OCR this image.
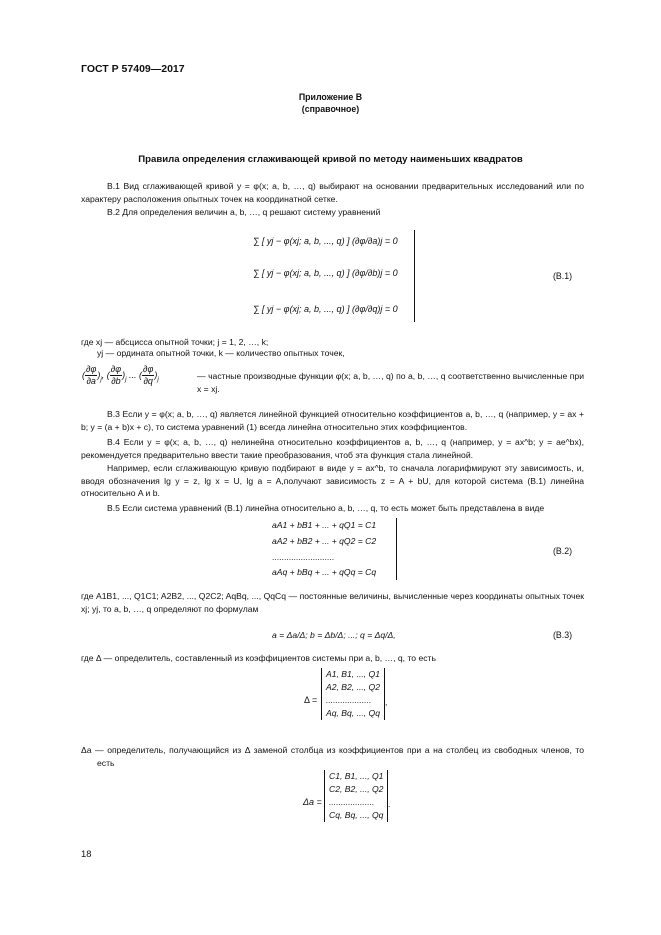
ГОСТ Р 57409—2017
Приложение В
(справочное)
Правила определения сглаживающей кривой по методу наименьших квадратов
В.1 Вид сглаживающей кривой y = φ(x; a, b, …, q) выбирают на основании предварительных исследований или по характеру расположения опытных точек на координатной сетке.
В.2 Для определения величин a, b, …, q решают систему уравнений
∑ [ yj − φ(xj; a, b, ..., q) ] (∂φ/∂a)j = 0
∑ [ yj − φ(xj; a, b, ..., q) ] (∂φ/∂b)j = 0
∑ [ yj − φ(xj; a, b, ..., q) ] (∂φ/∂q)j = 0
(В.1)
где xj — абсцисса опытной точки; j = 1, 2, …, k;
yj — ордината опытной точки, k — количество опытных точек,
— частные производные функции φ(x; a, b, …, q) по a, b, …, q соответственно вычисленные при x = xj.
( $\frac{\partial\varphi}{\partial a} )_j$, ( $\frac{\partial\varphi}{\partial b} )_j$ ... ( $\frac{\partial\varphi}{\partial q} )_j$
В.3 Если y = φ(x; a, b, …, q) является линейной функцией относительно коэффициентов a, b, …, q (например, y = ax + b; y = (a + b)x + c), то система уравнений (1) всегда линейна относительно этих коэффициентов.
В.4 Если y = φ(x; a, b, …, q) нелинейна относительно коэффициентов a, b, …, q (например, y = ax^b; y = ae^bx), рекомендуется предварительно ввести такие преобразования, чтоб эта функция стала линейной.
Например, если сглаживающую кривую подбирают в виде y = ax^b, то сначала логарифмируют эту зависимость, и, вводя обозначения lg y = z, lg x = U, lg a = A,получают зависимость z = A + bU, для которой система (В.1) линейна относительно A и b.
В.5 Если система уравнений (В.1) линейна относительно a, b, …, q, то есть может быть представлена в виде
aA1 + bB1 + ... + qQ1 = C1
aA2 + bB2 + ... + qQ2 = C2
..........................
aAq + bBq + ... + qQq = Cq
(В.2)
где A1B1, ..., Q1C1; A2B2, ..., Q2C2; AqBq, ..., QqCq — постоянные величины, вычисленные через координаты опытных точек xj; yj, то a, b, …, q определяют по формулам
a = Δa/Δ; b = Δb/Δ; ...; q = Δq/Δ,	(В.3)
где Δ — определитель, составленный из коэффициентов системы при a, b, …, q, то есть
Δ =
A1, B1, ..., Q1
A2, B2, ..., Q2
...................
Aq, Bq, ..., Qq
,
Δa — определитель, получающийся из Δ заменой столбца из коэффициентов при a на столбец из свободных членов, то есть
Δa =
C1, B1, ..., Q1
C2, B2, ..., Q2
...................
Cq, Bq, ..., Qq
.
18
